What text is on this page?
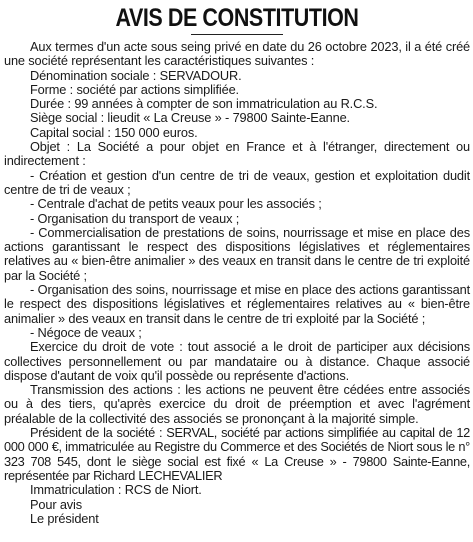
AVIS DE CONSTITUTION

Aux termes d'un acte sous seing privé en date du 26 octobre 2023, il a été créé une société représentant les caractéristiques suivantes :

Dénomination sociale : SERVADOUR.

Forme : société par actions simplifiée.

Durée : 99 années à compter de son immatriculation au R.C.S.

Siège social : lieudit « La Creuse » - 79800 Sainte-Eanne.

Capital social : 150 000 euros.

Objet : La Société a pour objet en France et à l'étranger, directement ou indirectement :

- Création et gestion d'un centre de tri de veaux, gestion et exploitation dudit centre de tri de veaux ;

- Centrale d'achat de petits veaux pour les associés ;

- Organisation du transport de veaux ;

- Commercialisation de prestations de soins, nourrissage et mise en place des actions garantissant le respect des dispositions législatives et réglementaires relatives au « bien-être animalier » des veaux en transit dans le centre de tri exploité par la Société ;

- Organisation des soins, nourrissage et mise en place des actions garantissant le respect des dispositions législatives et réglementaires relatives au « bien-être animalier » des veaux en transit dans le centre de tri exploité par la Société ;

- Négoce de veaux ;

Exercice du droit de vote : tout associé a le droit de participer aux décisions collectives personnellement ou par mandataire ou à distance. Chaque associé dispose d'autant de voix qu'il possède ou représente d'actions.

Transmission des actions : les actions ne peuvent être cédées entre associés ou à des tiers, qu'après exercice du droit de préemption et avec l'agrément préalable de la collectivité des associés se prononçant à la majorité simple.

Président de la société : SERVAL, société par actions simplifiée au capital de 12 000 000 €, immatriculée au Registre du Commerce et des Sociétés de Niort sous le n° 323 708 545, dont le siège social est fixé « La Creuse » - 79800 Sainte-Eanne, représentée par Richard LECHEVALIER

Immatriculation : RCS de Niort.

Pour avis

Le président
